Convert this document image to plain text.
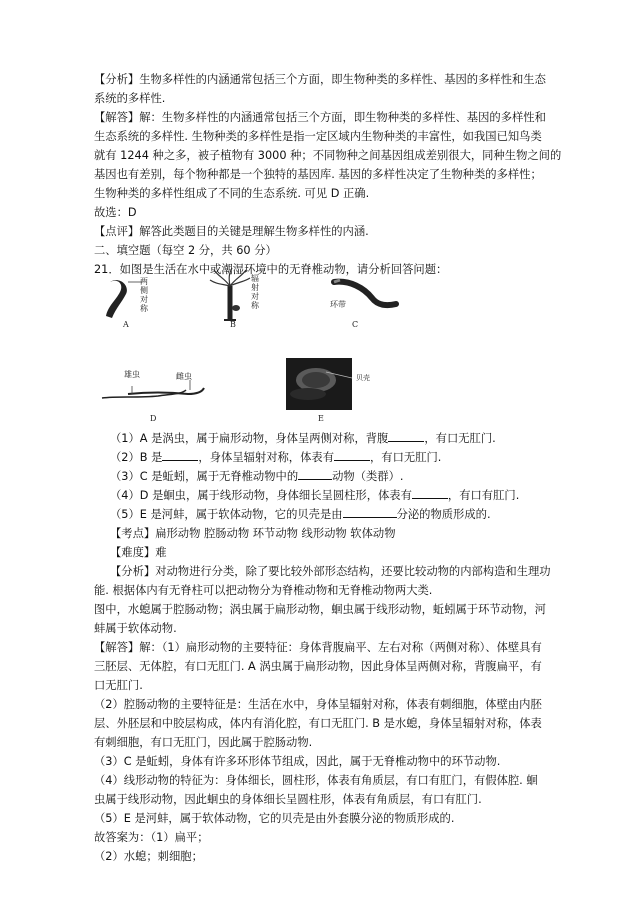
【分析】生物多样性的内涵通常包括三个方面，即生物种类的多样性、基因的多样性和生态
系统的多样性.
【解答】解：生物多样性的内涵通常包括三个方面，即生物种类的多样性、基因的多样性和
生态系统的多样性. 生物种类的多样性是指一定区域内生物种类的丰富性，如我国已知鸟类
就有 1244 种之多，被子植物有 3000 种；不同物种之间基因组成差别很大，同种生物之间的
基因也有差别，每个物种都是一个独特的基因库. 基因的多样性决定了生物种类的多样性；
生物种类的多样性组成了不同的生态系统. 可见 D 正确.
故选：D
【点评】解答此类题目的关键是理解生物多样性的内涵.
二、填空题（每空 2 分，共 60 分）
21．如图是生活在水中或潮湿环境中的无脊椎动物，请分析回答问题：
两侧对称
A
辐射对称
B
环带
C
雄虫	雌虫
D
贝壳
E
（1）A 是涡虫，属于扁形动物，身体呈两侧对称，背腹	，有口无肛门.
（2）B 是	，身体呈辐射对称，体表有	，有口无肛门.
（3）C 是蚯蚓，属于无脊椎动物中的	动物（类群）.
（4）D 是蛔虫，属于线形动物，身体细长呈圆柱形，体表有	，有口有肛门.
（5）E 是河蚌，属于软体动物，它的贝壳是由	分泌的物质形成的.
【考点】扁形动物 腔肠动物 环节动物 线形动物 软体动物
【难度】难
【分析】对动物进行分类，除了要比较外部形态结构，还要比较动物的内部构造和生理功
能. 根据体内有无脊柱可以把动物分为脊椎动物和无脊椎动物两大类.
图中，水螅属于腔肠动物；涡虫属于扁形动物，蛔虫属于线形动物，蚯蚓属于环节动物，河
蚌属于软体动物.
【解答】解：（1）扁形动物的主要特征：身体背腹扁平、左右对称（两侧对称）、体壁具有
三胚层、无体腔，有口无肛门. A 涡虫属于扁形动物，因此身体呈两侧对称，背腹扁平，有
口无肛门.
（2）腔肠动物的主要特征是：生活在水中，身体呈辐射对称，体表有刺细胞，体壁由内胚
层、外胚层和中胶层构成，体内有消化腔，有口无肛门. B 是水螅，身体呈辐射对称，体表
有刺细胞，有口无肛门，因此属于腔肠动物.
（3）C 是蚯蚓，身体有许多环形体节组成，因此，属于无脊椎动物中的环节动物.
（4）线形动物的特征为：身体细长，圆柱形，体表有角质层，有口有肛门，有假体腔. 蛔
虫属于线形动物，因此蛔虫的身体细长呈圆柱形，体表有角质层，有口有肛门.
（5）E 是河蚌，属于软体动物，它的贝壳是由外套膜分泌的物质形成的.
故答案为：（1）扁平；
（2）水螅；刺细胞；
